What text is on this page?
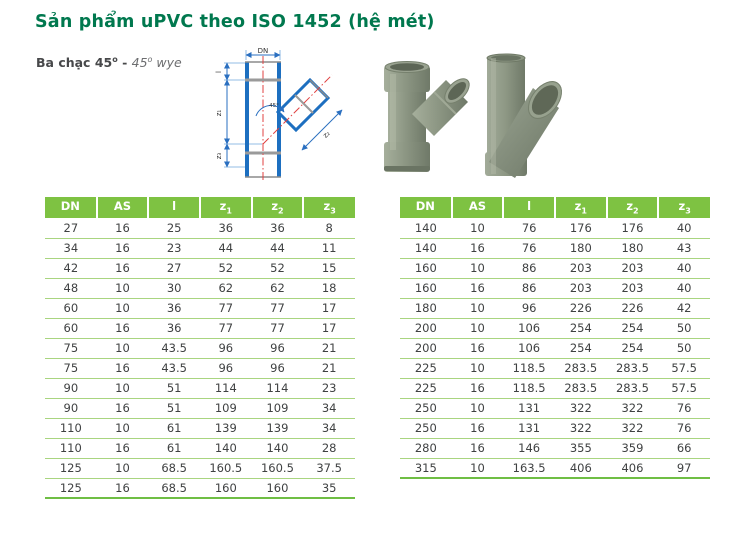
Sản phẩm uPVC theo ISO 1452 (hệ mét)
Ba chạc 45$^o$ - 45$^o$ wye
DN
l
z₁
z₃
z₂
45°
DN	AS	l	$z_1$	$z_2$	$z_3$
27	16	25	36	36	8
34	16	23	44	44	11
42	16	27	52	52	15
48	10	30	62	62	18
60	10	36	77	77	17
60	16	36	77	77	17
75	10	43.5	96	96	21
75	16	43.5	96	96	21
90	10	51	114	114	23
90	16	51	109	109	34
110	10	61	139	139	34
110	16	61	140	140	28
125	10	68.5	160.5	160.5	37.5
125	16	68.5	160	160	35
DN	AS	l	$z_1$	$z_2$	$z_3$
140	10	76	176	176	40
140	16	76	180	180	43
160	10	86	203	203	40
160	16	86	203	203	40
180	10	96	226	226	42
200	10	106	254	254	50
200	16	106	254	254	50
225	10	118.5	283.5	283.5	57.5
225	16	118.5	283.5	283.5	57.5
250	10	131	322	322	76
250	16	131	322	322	76
280	16	146	355	359	66
315	10	163.5	406	406	97
